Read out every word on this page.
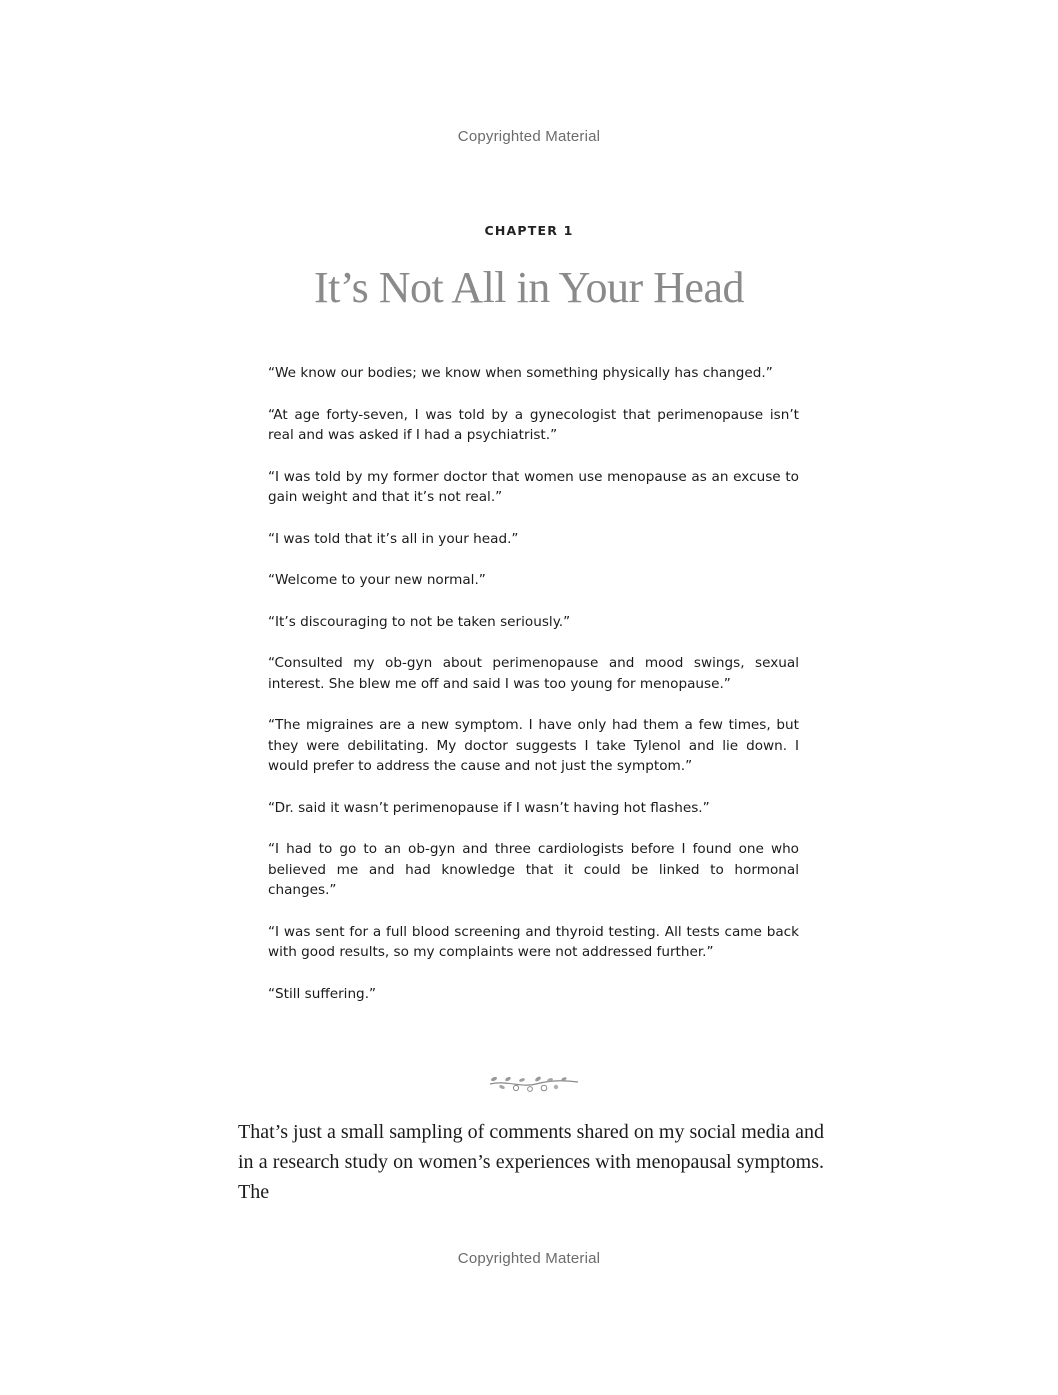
Copyrighted Material
CHAPTER 1
It’s Not All in Your Head

“We know our bodies; we know when something physically has changed.”

“At age forty-seven, I was told by a gynecologist that perimenopause isn’t real and was asked if I had a psychiatrist.”

“I was told by my former doctor that women use menopause as an excuse to gain weight and that it’s not real.”

“I was told that it’s all in your head.”

“Welcome to your new normal.”

“It’s discouraging to not be taken seriously.”

“Consulted my ob-gyn about perimenopause and mood swings, sexual interest. She blew me off and said I was too young for menopause.”

“The migraines are a new symptom. I have only had them a few times, but they were debilitating. My doctor suggests I take Tylenol and lie down. I would prefer to address the cause and not just the symptom.”

“Dr. said it wasn’t perimenopause if I wasn’t having hot flashes.”

“I had to go to an ob-gyn and three cardiologists before I found one who believed me and had knowledge that it could be linked to hormonal changes.”

“I was sent for a full blood screening and thyroid testing. All tests came back with good results, so my complaints were not addressed further.”

“Still suffering.”

That’s just a small sampling of comments shared on my social media and in a research study on women’s experiences with menopausal symptoms. The

Copyrighted Material
